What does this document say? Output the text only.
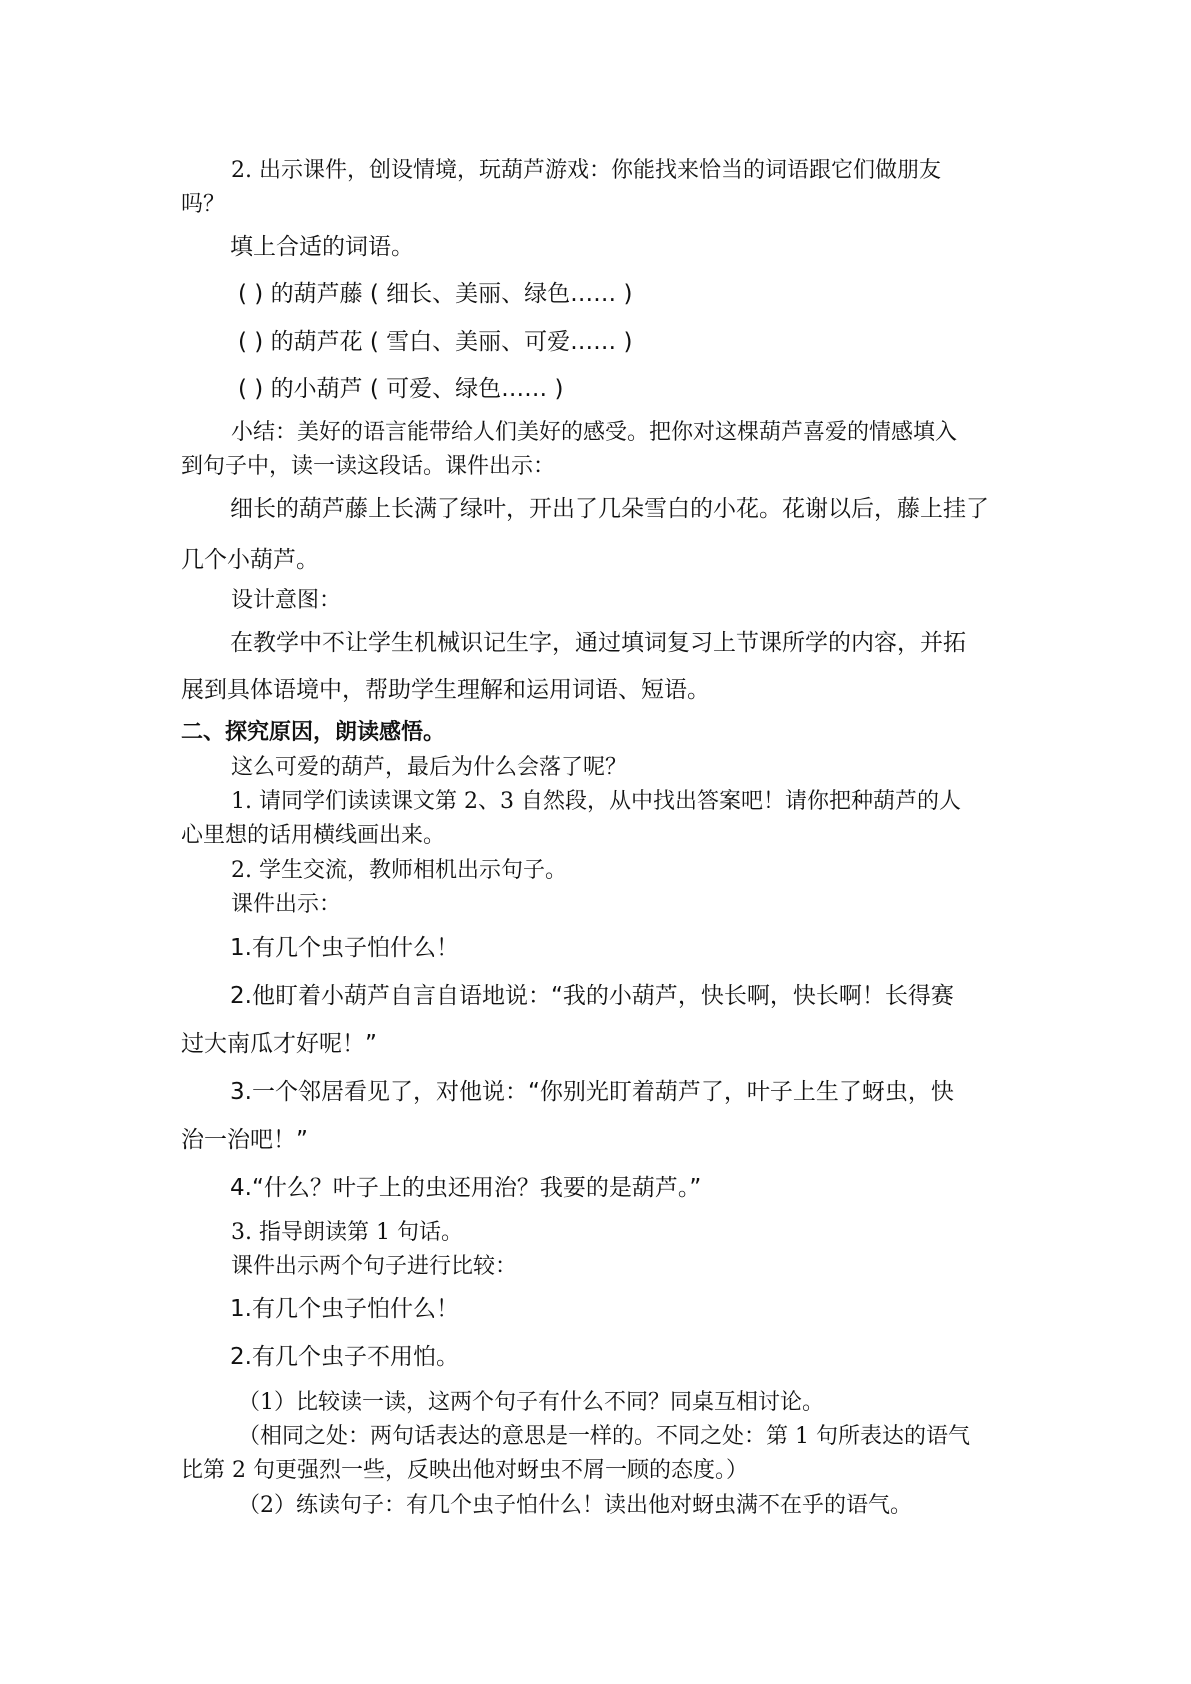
2. 出示课件，创设情境，玩葫芦游戏：你能找来恰当的词语跟它们做朋友
吗？
填上合适的词语。
( ) 的葫芦藤 ( 细长、美丽、绿色…… )
( ) 的葫芦花 ( 雪白、美丽、可爱…… )
( ) 的小葫芦 ( 可爱、绿色…… )
小结：美好的语言能带给人们美好的感受。把你对这棵葫芦喜爱的情感填入
到句子中，读一读这段话。课件出示：
细长的葫芦藤上长满了绿叶，开出了几朵雪白的小花。花谢以后，藤上挂了
几个小葫芦。
设计意图：
在教学中不让学生机械识记生字，通过填词复习上节课所学的内容，并拓
展到具体语境中，帮助学生理解和运用词语、短语。
二、探究原因，朗读感悟。
这么可爱的葫芦，最后为什么会落了呢？
1. 请同学们读读课文第 2、3 自然段，从中找出答案吧！请你把种葫芦的人
心里想的话用横线画出来。
2. 学生交流，教师相机出示句子。
课件出示：
1.有几个虫子怕什么！
2.他盯着小葫芦自言自语地说：“我的小葫芦，快长啊，快长啊！长得赛
过大南瓜才好呢！”
3.一个邻居看见了，对他说：“你别光盯着葫芦了，叶子上生了蚜虫，快
治一治吧！”
4.“什么？叶子上的虫还用治？我要的是葫芦。”
3. 指导朗读第 1 句话。
课件出示两个句子进行比较：
1.有几个虫子怕什么！
2.有几个虫子不用怕。
（1）比较读一读，这两个句子有什么不同？同桌互相讨论。
（相同之处：两句话表达的意思是一样的。不同之处：第 1 句所表达的语气
比第 2 句更强烈一些，反映出他对蚜虫不屑一顾的态度。）
（2）练读句子：有几个虫子怕什么！读出他对蚜虫满不在乎的语气。
